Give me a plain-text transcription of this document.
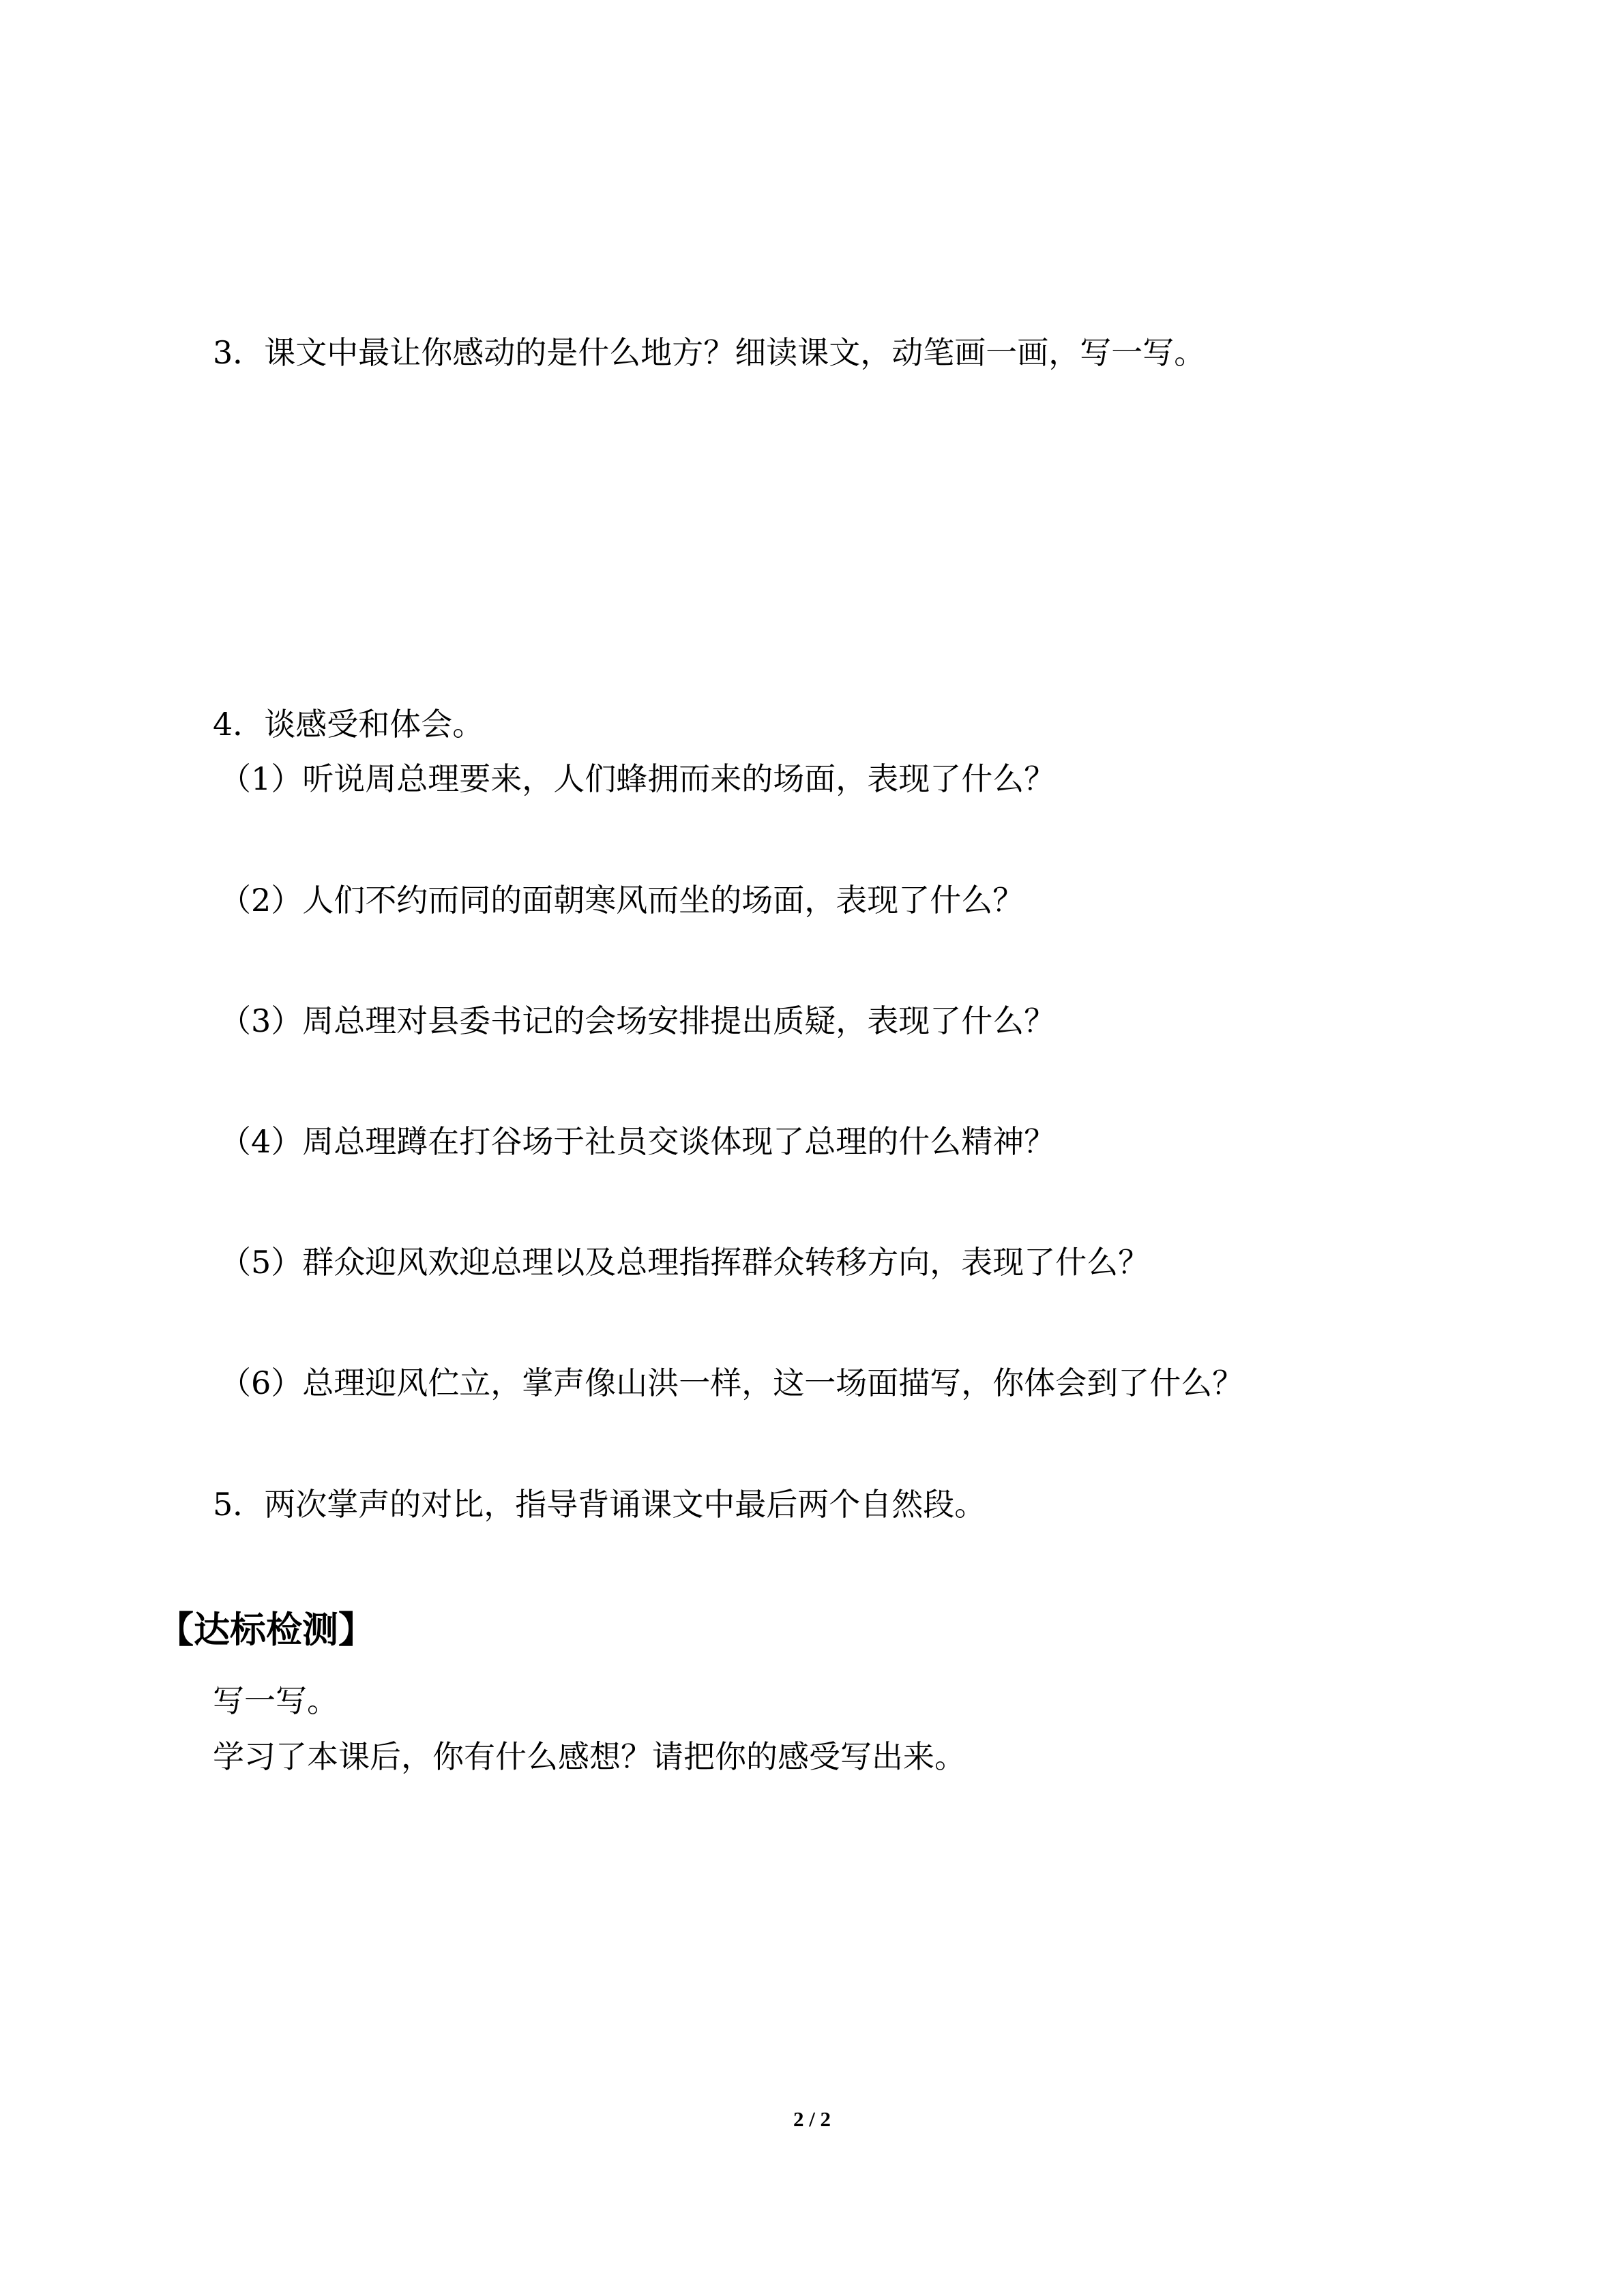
3．课文中最让你感动的是什么地方？细读课文，动笔画一画，写一写。

4．谈感受和体会。

（1）听说周总理要来，人们蜂拥而来的场面，表现了什么？

（2）人们不约而同的面朝寒风而坐的场面，表现了什么？

（3）周总理对县委书记的会场安排提出质疑，表现了什么？

（4）周总理蹲在打谷场于社员交谈体现了总理的什么精神？

（5）群众迎风欢迎总理以及总理指挥群众转移方向，表现了什么？

（6）总理迎风伫立，掌声像山洪一样，这一场面描写，你体会到了什么？

5．两次掌声的对比，指导背诵课文中最后两个自然段。

【达标检测】

写一写。

学习了本课后，你有什么感想？请把你的感受写出来。

2 / 2
